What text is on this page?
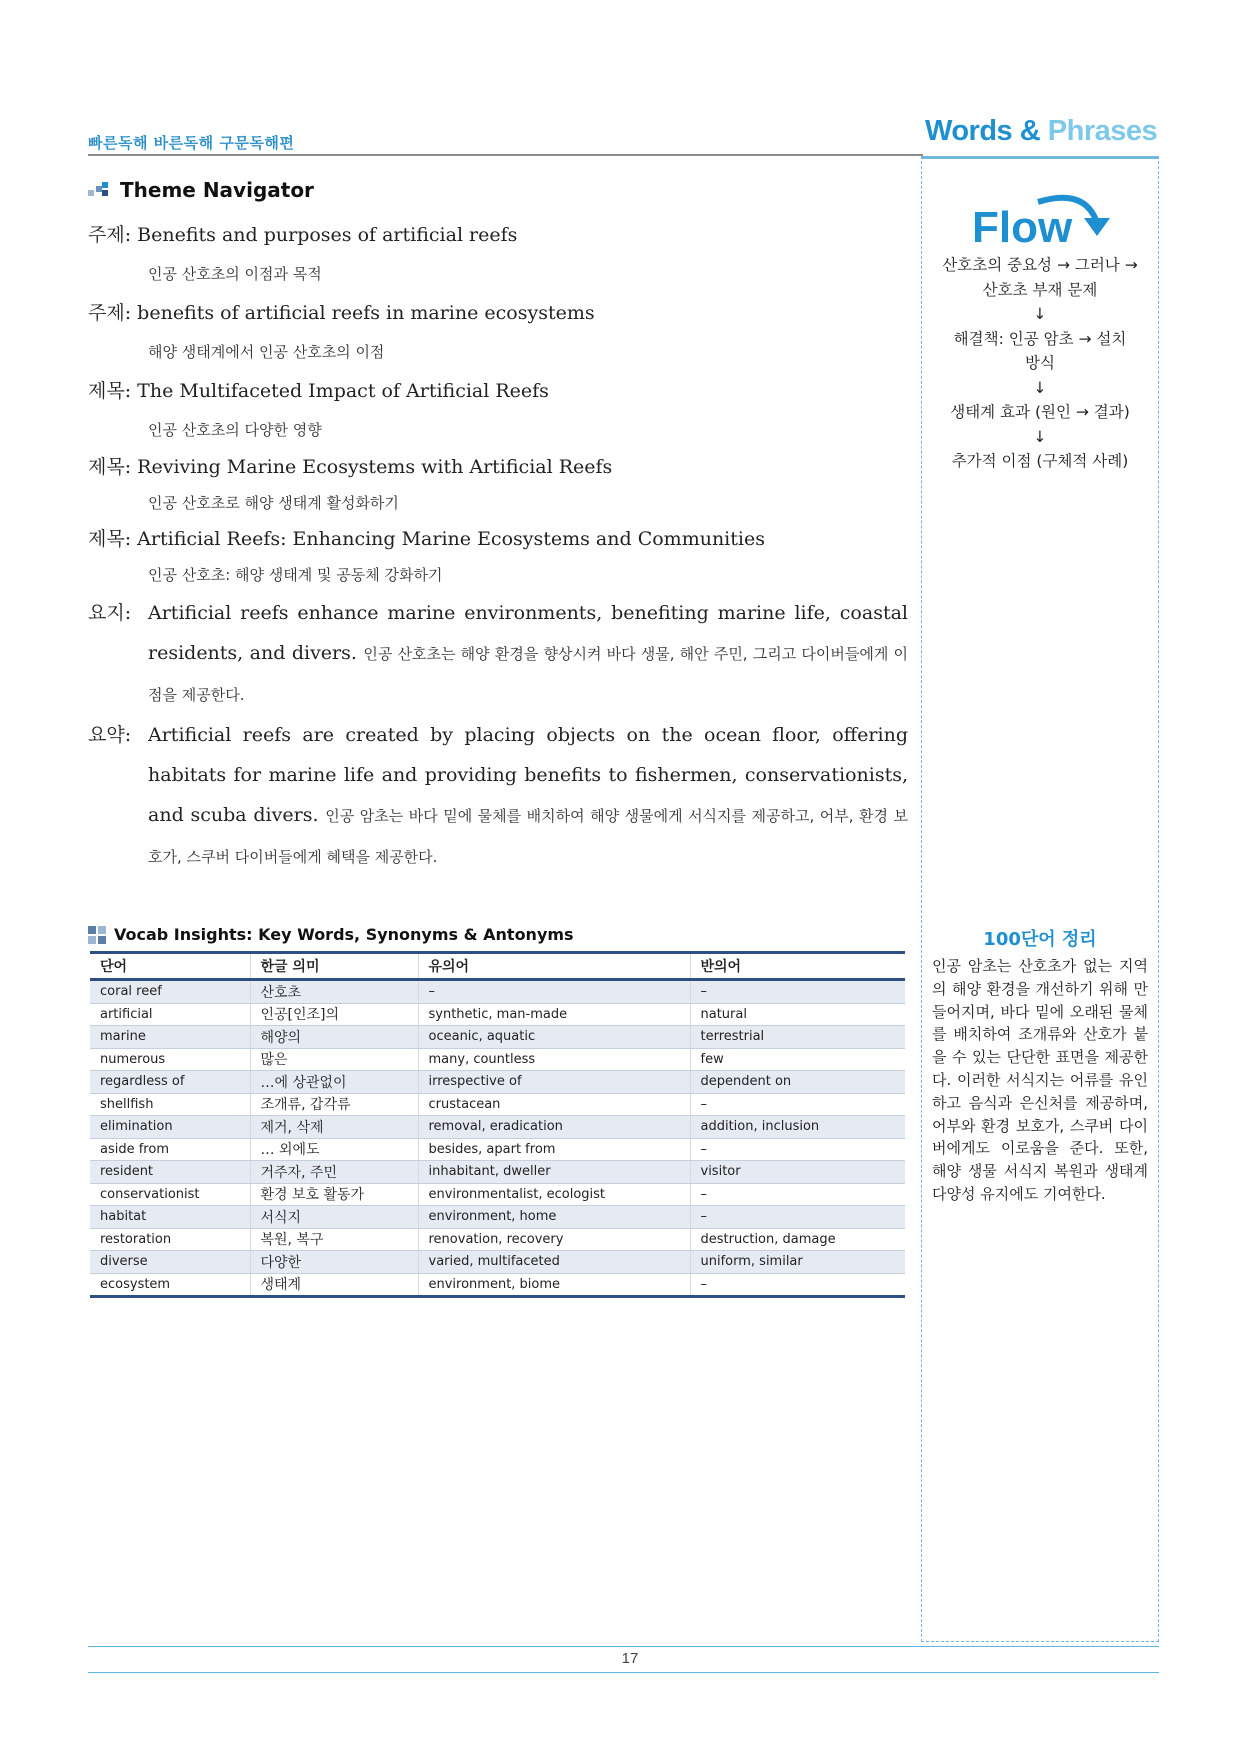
빠른독해 바른독해 구문독해편	Words & Phrases
Flow
산호초의 중요성 → 그러나 →
산호초 부재 문제
↓
해결책: 인공 암초 → 설치
방식
↓
생태계 효과 (원인 → 결과)
↓
추가적 이점 (구체적 사례)
100단어 정리
인공 암초는 산호초가 없는 지역의 해양 환경을 개선하기 위해 만들어지며, 바다 밑에 오래된 물체를 배치하여 조개류와 산호가 붙을 수 있는 단단한 표면을 제공한다. 이러한 서식지는 어류를 유인하고 음식과 은신처를 제공하며, 어부와 환경 보호가, 스쿠버 다이버에게도 이로움을 준다. 또한, 해양 생물 서식지 복원과 생태계 다양성 유지에도 기여한다.
Theme Navigator
주제: Benefits and purposes of artificial reefs
인공 산호초의 이점과 목적
주제: benefits of artificial reefs in marine ecosystems
해양 생태계에서 인공 산호초의 이점
제목: The Multifaceted Impact of Artificial Reefs
인공 산호초의 다양한 영향
제목: Reviving Marine Ecosystems with Artificial Reefs
인공 산호초로 해양 생태계 활성화하기
제목: Artificial Reefs: Enhancing Marine Ecosystems and Communities
인공 산호초: 해양 생태계 및 공동체 강화하기
요지: Artificial reefs enhance marine environments, benefiting marine life, coastal residents, and divers. 인공 산호초는 해양 환경을 향상시켜 바다 생물, 해안 주민, 그리고 다이버들에게 이점을 제공한다.
요약: Artificial reefs are created by placing objects on the ocean floor, offering habitats for marine life and providing benefits to fishermen, conservationists, and scuba divers. 인공 암초는 바다 밑에 물체를 배치하여 해양 생물에게 서식지를 제공하고, 어부, 환경 보호가, 스쿠버 다이버들에게 혜택을 제공한다.
Vocab Insights: Key Words, Synonyms & Antonyms
단어	한글 의미	유의어	반의어
coral reef	산호초	–	–
artificial	인공[인조]의	synthetic, man-made	natural
marine	해양의	oceanic, aquatic	terrestrial
numerous	많은	many, countless	few
regardless of	…에 상관없이	irrespective of	dependent on
shellfish	조개류, 갑각류	crustacean	–
elimination	제거, 삭제	removal, eradication	addition, inclusion
aside from	… 외에도	besides, apart from	–
resident	거주자, 주민	inhabitant, dweller	visitor
conservationist	환경 보호 활동가	environmentalist, ecologist	–
habitat	서식지	environment, home	–
restoration	복원, 복구	renovation, recovery	destruction, damage
diverse	다양한	varied, multifaceted	uniform, similar
ecosystem	생태계	environment, biome	–
17
